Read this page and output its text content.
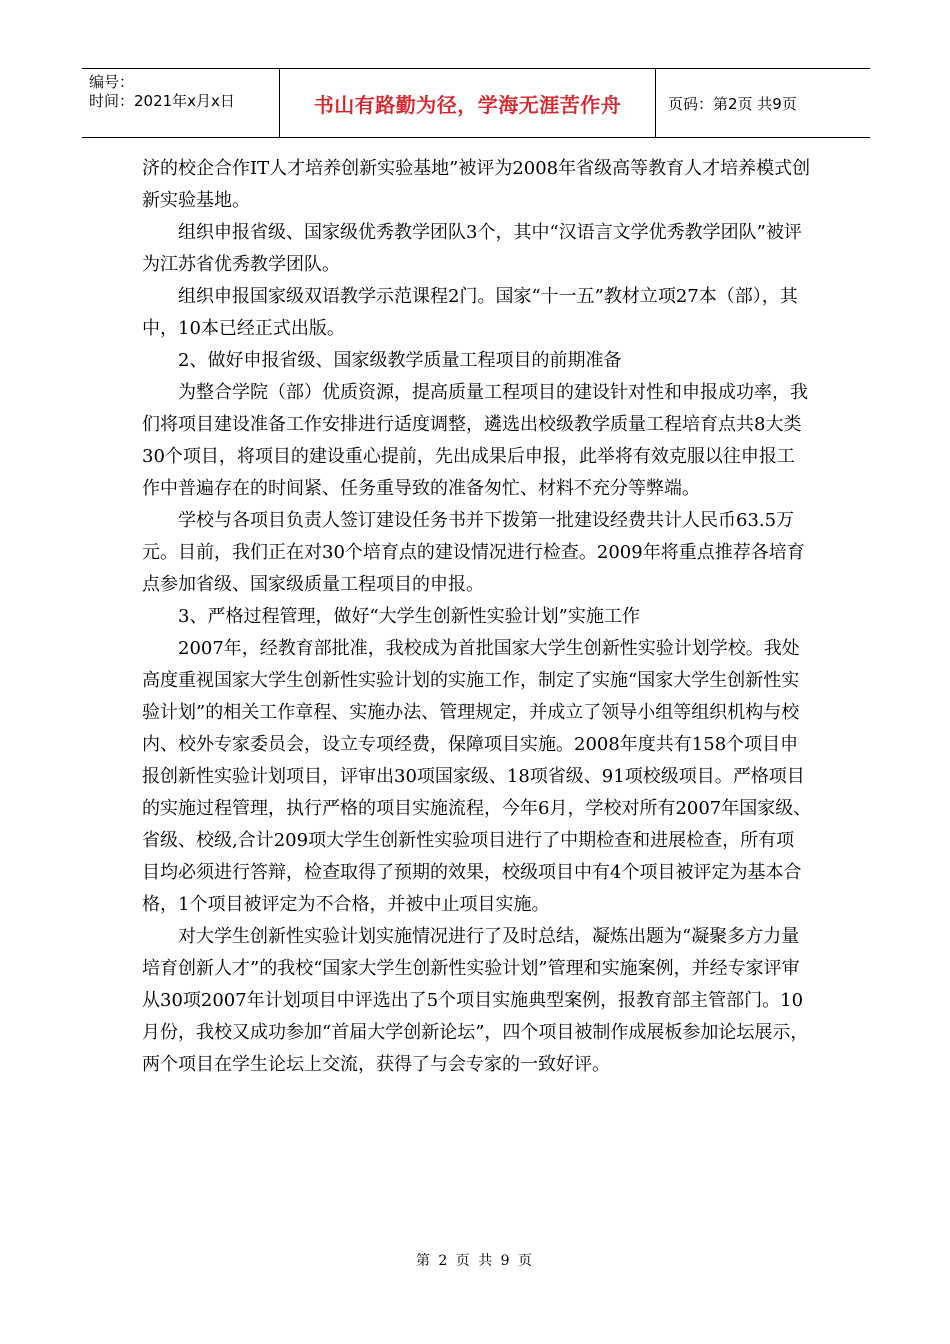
编号：
时间：2021年x月x日	书山有路勤为径，学海无涯苦作舟	页码：第2页 共9页

济的校企合作IT人才培养创新实验基地”被评为2008年省级高等教育人才培养模式创新实验基地。

组织申报省级、国家级优秀教学团队3个，其中“汉语言文学优秀教学团队”被评为江苏省优秀教学团队。

组织申报国家级双语教学示范课程2门。国家“十一五”教材立项27本（部），其中，10本已经正式出版。

2、做好申报省级、国家级教学质量工程项目的前期准备

为整合学院（部）优质资源，提高质量工程项目的建设针对性和申报成功率，我们将项目建设准备工作安排进行适度调整，遴选出校级教学质量工程培育点共8大类30个项目，将项目的建设重心提前，先出成果后申报，此举将有效克服以往申报工作中普遍存在的时间紧、任务重导致的准备匆忙、材料不充分等弊端。

学校与各项目负责人签订建设任务书并下拨第一批建设经费共计人民币63.5万元。目前，我们正在对30个培育点的建设情况进行检查。2009年将重点推荐各培育点参加省级、国家级质量工程项目的申报。

3、严格过程管理，做好“大学生创新性实验计划”实施工作

2007年，经教育部批准，我校成为首批国家大学生创新性实验计划学校。我处高度重视国家大学生创新性实验计划的实施工作，制定了实施“国家大学生创新性实验计划”的相关工作章程、实施办法、管理规定，并成立了领导小组等组织机构与校内、校外专家委员会，设立专项经费，保障项目实施。2008年度共有158个项目申报创新性实验计划项目，评审出30项国家级、18项省级、91项校级项目。严格项目的实施过程管理，执行严格的项目实施流程，今年6月，学校对所有2007年国家级、省级、校级,合计209项大学生创新性实验项目进行了中期检查和进展检查，所有项目均必须进行答辩，检查取得了预期的效果，校级项目中有4个项目被评定为基本合格，1个项目被评定为不合格，并被中止项目实施。

对大学生创新性实验计划实施情况进行了及时总结，凝炼出题为“凝聚多方力量 培育创新人才”的我校“国家大学生创新性实验计划”管理和实施案例，并经专家评审从30项2007年计划项目中评选出了5个项目实施典型案例，报教育部主管部门。10月份，我校又成功参加“首届大学创新论坛”，四个项目被制作成展板参加论坛展示，两个项目在学生论坛上交流，获得了与会专家的一致好评。

第 2 页 共 9 页
